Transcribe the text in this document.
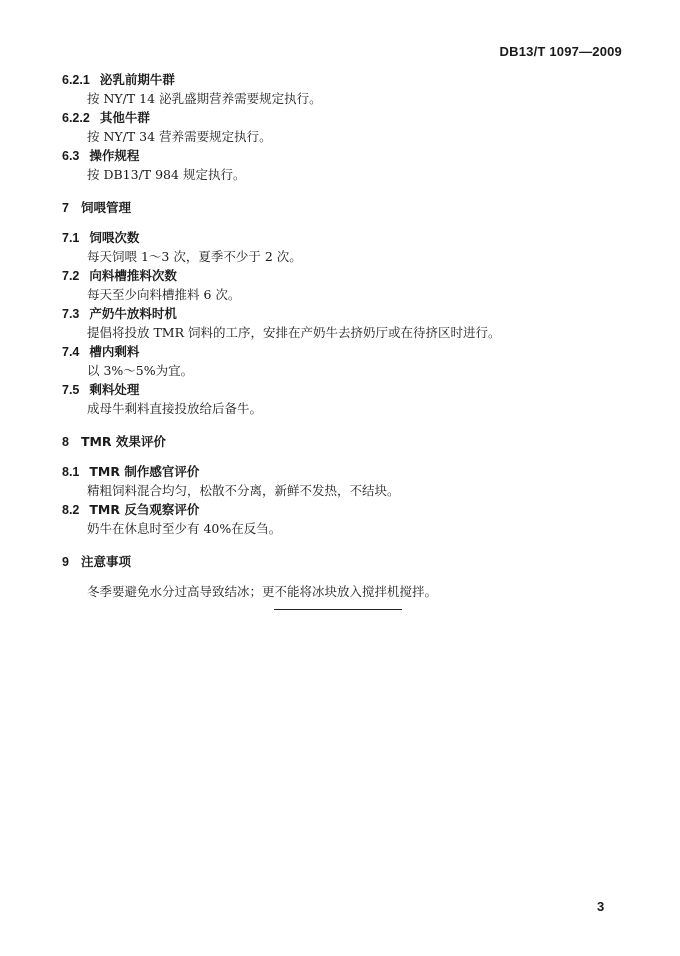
DB13/T 1097—2009
6.2.1 泌乳前期牛群
按 NY/T 14 泌乳盛期营养需要规定执行。
6.2.2 其他牛群
按 NY/T 34 营养需要规定执行。
6.3 操作规程
按 DB13/T 984 规定执行。
7 饲喂管理
7.1 饲喂次数
每天饲喂 1～3 次，夏季不少于 2 次。
7.2 向料槽推料次数
每天至少向料槽推料 6 次。
7.3 产奶牛放料时机
提倡将投放 TMR 饲料的工序，安排在产奶牛去挤奶厅或在待挤区时进行。
7.4 槽内剩料
以 3%～5%为宜。
7.5 剩料处理
成母牛剩料直接投放给后备牛。
8 TMR 效果评价
8.1 TMR 制作感官评价
精粗饲料混合均匀，松散不分离，新鲜不发热，不结块。
8.2 TMR 反刍观察评价
奶牛在休息时至少有 40%在反刍。
9 注意事项
冬季要避免水分过高导致结冰；更不能将冰块放入搅拌机搅拌。
3
